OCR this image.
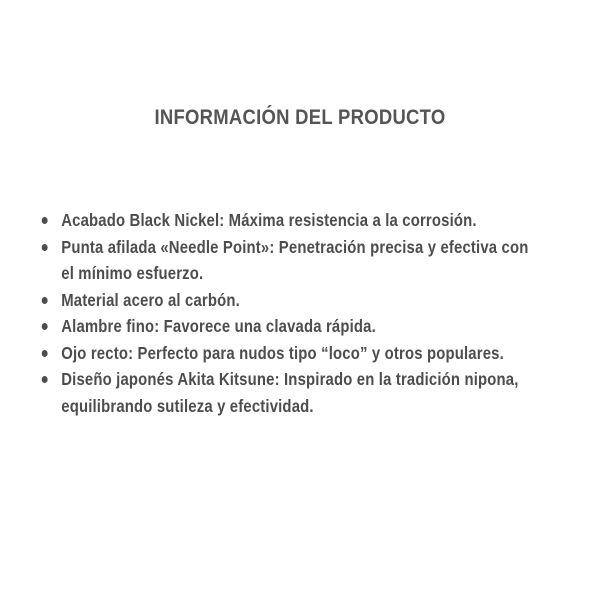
INFORMACIÓN DEL PRODUCTO
Acabado Black Nickel: Máxima resistencia a la corrosión.
Punta afilada «Needle Point»: Penetración precisa y efectiva con el mínimo esfuerzo.
Material acero al carbón.
Alambre fino: Favorece una clavada rápida.
Ojo recto: Perfecto para nudos tipo “loco” y otros populares.
Diseño japonés Akita Kitsune: Inspirado en la tradición nipona, equilibrando sutileza y efectividad.
